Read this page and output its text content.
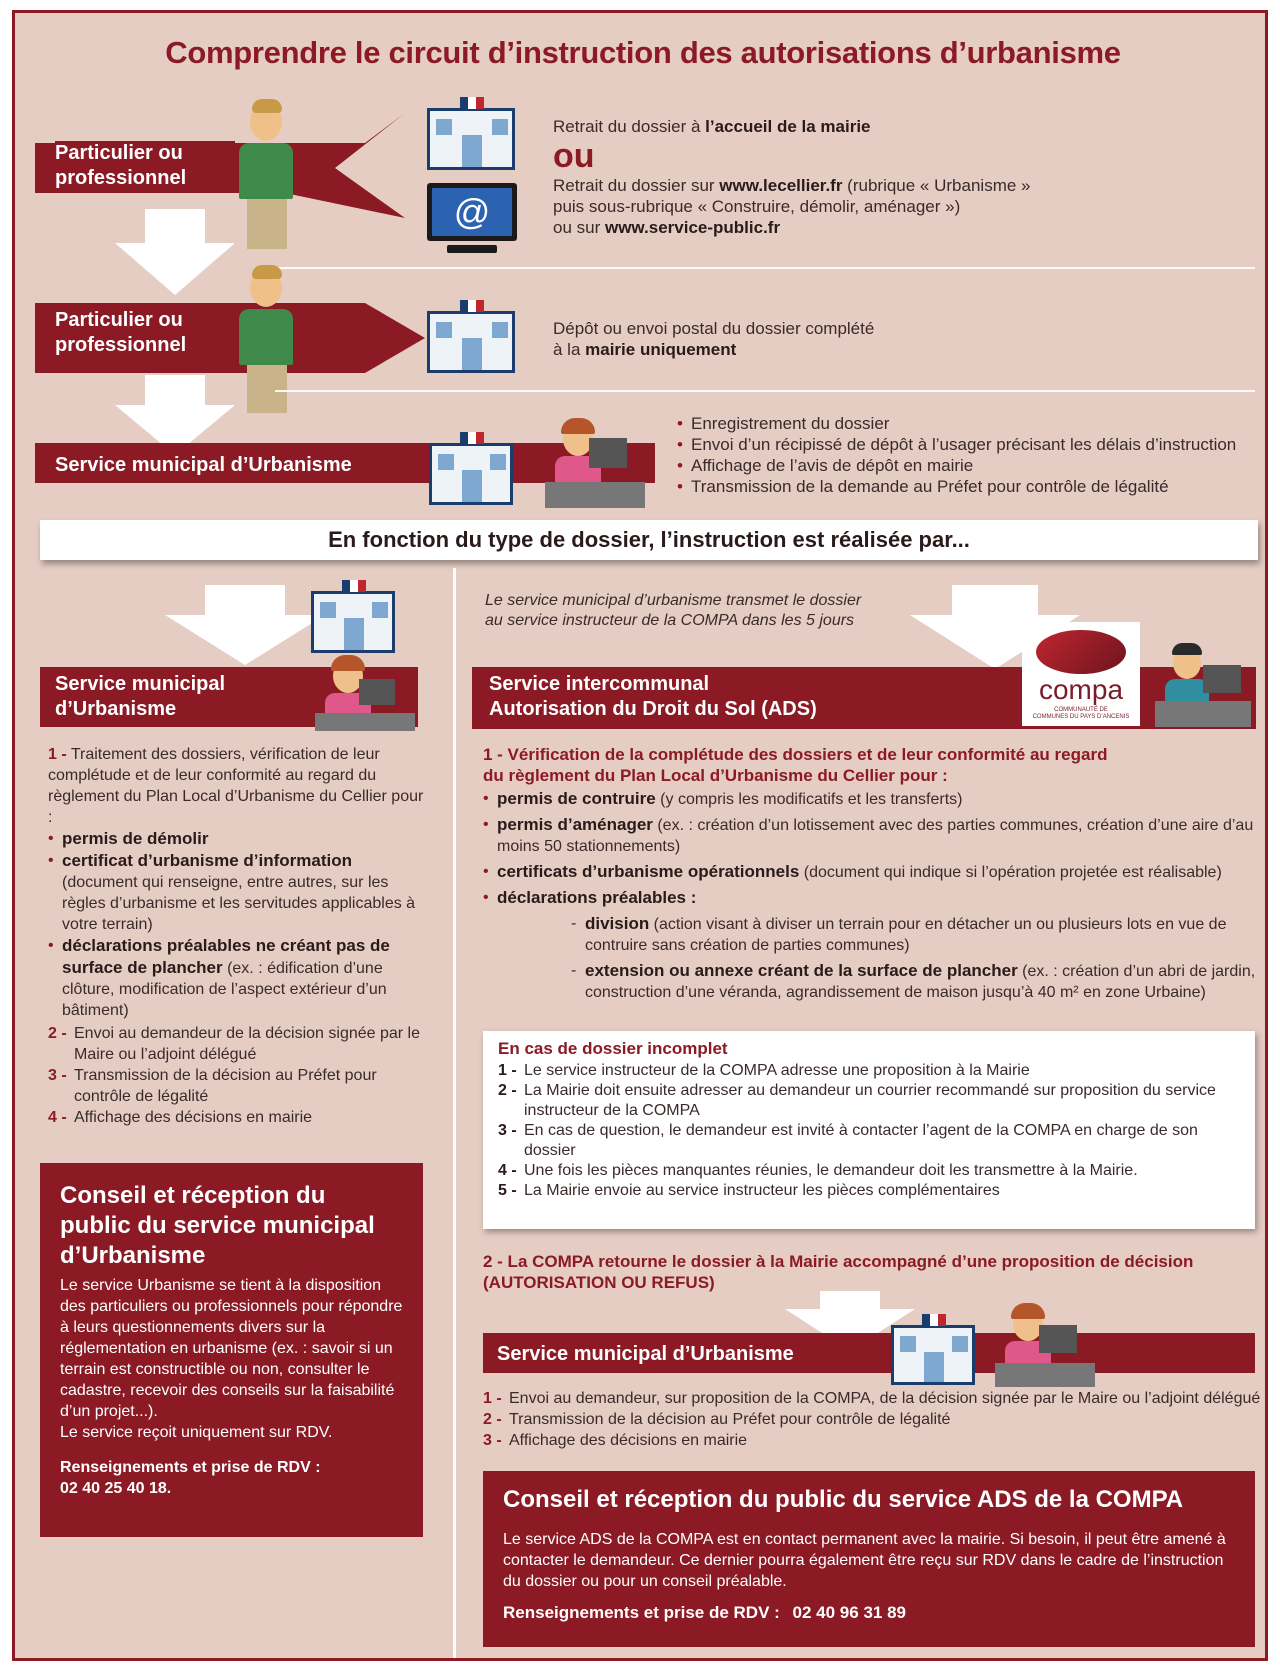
Comprendre le circuit d’instruction des autorisations d’urbanisme
Particulier ou professionnel
@
Retrait du dossier à l’accueil de la mairie
ou
Retrait du dossier sur www.lecellier.fr (rubrique « Urbanisme »
puis sous-rubrique « Construire, démolir, aménager »)
ou sur www.service-public.fr
Particulier ou professionnel
Dépôt ou envoi postal du dossier complété
à la mairie uniquement
Service municipal d’Urbanisme
• Enregistrement du dossier
• Envoi d’un récipissé de dépôt à l’usager précisant les délais d’instruction
• Affichage de l’avis de dépôt en mairie
• Transmission de la demande au Préfet pour contrôle de légalité
En fonction du type de dossier, l’instruction est réalisée par...
Service municipal d’Urbanisme
1 - Traitement des dossiers, vérification de leur complétude et de leur conformité au regard du règlement du Plan Local d’Urbanisme du Cellier pour :
• permis de démolir
• certificat d’urbanisme d’information (document qui renseigne, entre autres, sur les règles d’urbanisme et les servitudes applicables à votre terrain)
• déclarations préalables ne créant pas de surface de plancher (ex. : édification d’une clôture, modification de l’aspect extérieur d’un bâtiment)
2 - Envoi au demandeur de la décision signée par le Maire ou l’adjoint délégué
3 - Transmission de la décision au Préfet pour contrôle de légalité
4 - Affichage des décisions en mairie
Conseil et réception du public du service municipal d’Urbanisme
Le service Urbanisme se tient à la disposition des particuliers ou professionnels pour répondre à leurs questionnements divers sur la réglementation en urbanisme (ex. : savoir si un terrain est constructible ou non, consulter le cadastre, recevoir des conseils sur la faisabilité d’un projet...).
Le service reçoit uniquement sur RDV.
Renseignements et prise de RDV :
02 40 25 40 18.
Le service municipal d’urbanisme transmet le dossier
au service instructeur de la COMPA dans les 5 jours
Service intercommunal
Autorisation du Droit du Sol (ADS)
compa
COMMUNAUTÉ DE
COMMUNES DU PAYS D’ANCENIS
1 - Vérification de la complétude des dossiers et de leur conformité au regard
du règlement du Plan Local d’Urbanisme du Cellier pour :
• permis de contruire (y compris les modificatifs et les transferts)
• permis d’aménager (ex. : création d’un lotissement avec des parties communes, création d’une aire d’au moins 50 stationnements)
• certificats d’urbanisme opérationnels (document qui indique si l’opération projetée est réalisable)
• déclarations préalables :
- division (action visant à diviser un terrain pour en détacher un ou plusieurs lots en vue de contruire sans création de parties communes)
- extension ou annexe créant de la surface de plancher (ex. : création d’un abri de jardin, construction d’une véranda, agrandissement de maison jusqu’à 40 m² en zone Urbaine)
En cas de dossier incomplet
1 - Le service instructeur de la COMPA adresse une proposition à la Mairie
2 - La Mairie doit ensuite adresser au demandeur un courrier recommandé sur proposition du service instructeur de la COMPA
3 - En cas de question, le demandeur est invité à contacter l’agent de la COMPA en charge de son dossier
4 - Une fois les pièces manquantes réunies, le demandeur doit les transmettre à la Mairie.
5 - La Mairie envoie au service instructeur les pièces complémentaires
2 - La COMPA retourne le dossier à la Mairie accompagné d’une proposition de décision
(AUTORISATION OU REFUS)
Service municipal d’Urbanisme
1 - Envoi au demandeur, sur proposition de la COMPA, de la décision signée par le Maire ou l’adjoint délégué
2 - Transmission de la décision au Préfet pour contrôle de légalité
3 - Affichage des décisions en mairie
Conseil et réception du public du service ADS de la COMPA
Le service ADS de la COMPA est en contact permanent avec la mairie. Si besoin, il peut être amené à contacter le demandeur. Ce dernier pourra également être reçu sur RDV dans le cadre de l’instruction du dossier ou pour un conseil préalable.
Renseignements et prise de RDV : 02 40 96 31 89
